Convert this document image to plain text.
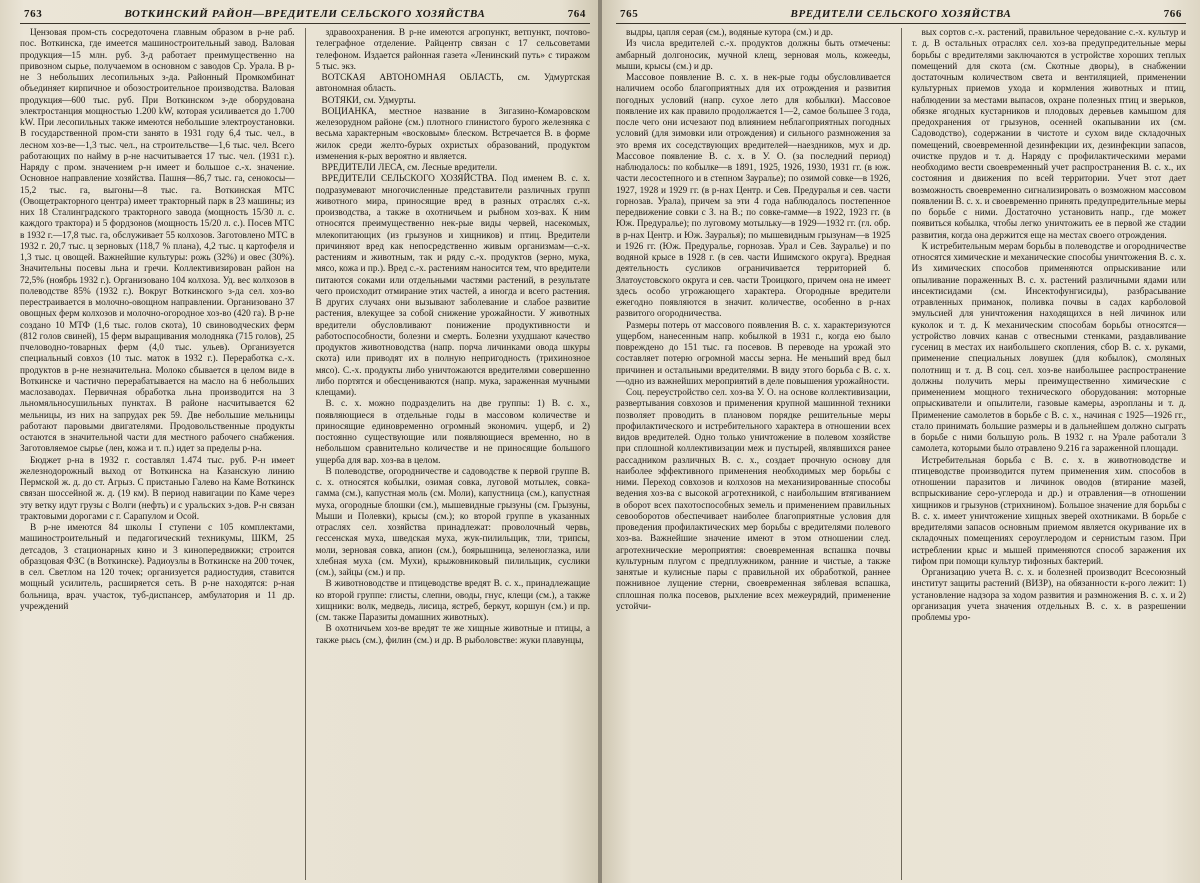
763	ВОТКИНСКИЙ РАЙОН—ВРЕДИТЕЛИ СЕЛЬСКОГО ХОЗЯЙСТВА	764

Цензовая пром-сть сосредоточена главным образом в р-не раб. пос. Воткинска, где имеется машиностроительный завод. Валовая продукция—15 млн. руб. З-д работает преимущественно на привозном сырье, получаемом в основном с заводов Ср. Урала. В р-не 3 небольших лесопильных з-да. Районный Промкомбинат объединяет кирпичное и обозостроительное производства. Валовая продукция—600 тыс. руб. При Воткинском з-де оборудована электростанция мощностью 1.200 kW, которая усиливается до 1.700 kW. При лесопильных также имеются небольшие электроустановки. В государственной пром-сти занято в 1931 году 6,4 тыс. чел., в лесном хоз-ве—1,3 тыс. чел., на строительстве—1,6 тыс. чел. Всего работающих по найму в р-не насчитывается 17 тыс. чел. (1931 г.). Наряду с пром. значением р-н имеет и большое с.-х. значение. Основное направление хозяйства. Пашня—86,7 тыс. га, сенокосы—15,2 тыс. га, выгоны—8 тыс. га. Воткинская МТС (Овощетракторного центра) имеет тракторный парк в 23 машины; из них 18 Сталинградского тракторного завода (мощность 15/30 л. с. каждого трактора) и 5 фордзонов (мощность 15/20 л. с.). Посев МТС в 1932 г.—17,8 тыс. га, обслуживает 55 колхозов. Заготовлено МТС в 1932 г. 20,7 тыс. ц зерновых (118,7 % плана), 4,2 тыс. ц картофеля и 1,3 тыс. ц овощей. Важнейшие культуры: рожь (32%) и овес (30%). Значительны посевы льна и гречи. Коллективизирован район на 72,5% (ноябрь 1932 г.). Организовано 104 колхоза. Уд. вес колхозов в полеводстве 85% (1932 г.). Вокруг Воткинского з-да сел. хоз-во перестраивается в молочно-овощном направлении. Организовано 37 овощных ферм колхозов и молочно-огородное хоз-во (420 га). В р-не создано 10 МТФ (1,6 тыс. голов скота), 10 свиноводческих ферм (812 голов свиней), 15 ферм выращивания молодняка (715 голов), 25 пчеловодно-товарных ферм (4,0 тыс. ульев). Организуется специальный совхоз (10 тыс. маток в 1932 г.). Переработка с.-х. продуктов в р-не незначительна. Молоко сбывается в целом виде в Воткинске и частично перерабатывается на масло на 6 небольших маслозаводах. Первичная обработка льна производится на 3 льномяльносушильных пунктах. В районе насчитывается 62 мельницы, из них на запрудах рек 59. Две небольшие мельницы работают паровыми двигателями. Продовольственные продукты остаются в значительной части для местного рабочего снабжения. Заготовляемое сырье (лен, кожа и т. п.) идет за пределы р-на.

Бюджет р-на в 1932 г. составлял 1.474 тыс. руб. Р-н имеет железнодорожный выход от Воткинска на Казанскую линию Пермской ж. д. до ст. Агрыз. С пристанью Галево на Каме Воткинск связан шоссейной ж. д. (19 км). В период навигации по Каме через эту ветку идут грузы с Волги (нефть) и с уральских з-дов. Р-н связан трактовыми дорогами с г. Сарапулом и Осой.

В р-не имеются 84 школы I ступени с 105 комплектами, машиностроительный и педагогический техникумы, ШКМ, 25 детсадов, 3 стационарных кино и 3 кинопередвижки; строится образцовая ФЗС (в Воткинске). Радиоузлы в Воткинске на 200 точек, в сел. Светлом на 120 точек; организуется радиостудия, ставится мощный усилитель, расширяется сеть. В р-не находятся: р-ная больница, врач. участок, туб-диспансер, амбулатория и 11 др. учреждений

здравоохранения. В р-не имеются агропункт, ветпункт, почтово-телеграфное отделение. Райцентр связан с 17 сельсоветами телефоном. Издается районная газета «Ленинский путь» с тиражом 5 тыс. экз.

ВОТСКАЯ АВТОНОМНАЯ ОБЛАСТЬ, см. Удмуртская автономная область.

ВОТЯКИ, см. Удмурты.

ВОЦИАНКА, местное название в Зигазино-Комаровском железорудном районе (см.) плотного глинистого бурого железняка с весьма характерным «восковым» блеском. Встречается В. в форме жилок среди желто-бурых охристых образований, продуктом изменения к-рых вероятно и является.

ВРЕДИТЕЛИ ЛЕСА, см. Лесные вредители.

ВРЕДИТЕЛИ СЕЛЬСКОГО ХОЗЯЙСТВА. Под именем В. с. х. подразумевают многочисленные представители различных групп животного мира, приносящие вред в разных отраслях с.-х. производства, а также в охотничьем и рыбном хоз-вах. К ним относятся преимущественно нек-рые виды червей, насекомых, млекопитающих (из грызунов и хищников) и птиц. Вредители причиняют вред как непосредственно живым организмам—с.-х. растениям и животным, так и ряду с.-х. продуктов (зерно, мука, мясо, кожа и пр.). Вред с.-х. растениям наносится тем, что вредители питаются соками или отдельными частями растений, в результате чего происходит отмирание этих частей, а иногда и всего растения. В других случаях они вызывают заболевание и слабое развитие растения, влекущее за собой снижение урожайности. У животных вредители обусловливают понижение продуктивности и работоспособности, болезни и смерть. Болезни ухудшают качество продуктов животноводства (напр. порча личинками овода шкуры скота) или приводят их в полную непригодность (трихинозное мясо). С.-х. продукты либо уничтожаются вредителями совершенно либо портятся и обесцениваются (напр. мука, зараженная мучными клещами).

В. с. х. можно подразделить на две группы: 1) В. с. х., появляющиеся в отдельные годы в массовом количестве и приносящие единовременно огромный экономич. ущерб, и 2) постоянно существующие или появляющиеся временно, но в небольшом сравнительно количестве и не приносящие большого ущерба для вар. хоз-ва в целом.

В полеводстве, огородничестве и садоводстве к первой группе В. с. х. относятся кобылки, озимая совка, луговой мотылек, совка-гамма (см.), капустная моль (см. Моли), капустница (см.), капустная муха, огородные блошки (см.), мышевидные грызуны (см. Грызуны, Мыши и Полевки), крысы (см.); ко второй группе в указанных отраслях сел. хозяйства принадлежат: проволочный червь, гессенская муха, шведская муха, жук-пилильщик, тли, трипсы, моли, зерновая совка, апион (см.), боярышница, зеленоглазка, или хлебная муха (см. Мухи), крыжовниковый пилильщик, суслики (см.), зайцы (см.) и пр.

В животноводстве и птицеводстве вредят В. с. х., принадлежащие ко второй группе: глисты, слепни, оводы, гнус, клещи (см.), а также хищники: волк, медведь, лисица, ястреб, беркут, коршун (см.) и пр. (см. также Паразиты домашних животных).

В охотничьем хоз-ве вредят те же хищные животные и птицы, а также рысь (см.), филин (см.) и др. В рыболовстве: жуки плавунцы,

765	ВРЕДИТЕЛИ СЕЛЬСКОГО ХОЗЯЙСТВА	766

выдры, цапля серая (см.), водяные кутора (см.) и др.

Из числа вредителей с.-х. продуктов должны быть отмечены: амбарный долгоносик, мучной клещ, зерновая моль, кожееды, мыши, крысы (см.) и др.

Массовое появление В. с. х. в нек-рые годы обусловливается наличием особо благоприятных для их отрождения и развития погодных условий (напр. сухое лето для кобылки). Массовое появление их как правило продолжается 1—2, самое большее 3 года, после чего они исчезают под влиянием неблагоприятных погодных условий (для зимовки или отрождения) и сильного размножения за это время их соседствующих вредителей—наездников, мух и др. Массовое появление В. с. х. в У. О. (за последний период) наблюдалось: по кобылке—в 1891, 1925, 1926, 1930, 1931 гг. (в юж. части лесостепного и в степном Зауралье); по озимой совке—в 1926, 1927, 1928 и 1929 гг. (в р-нах Центр. и Сев. Предуралья и сев. части горнозав. Урала), причем за эти 4 года наблюдалось постепенное передвижение совки с З. на В.; по совке-гамме—в 1922, 1923 гг. (в Юж. Предуралье); по луговому мотыльку—в 1929—1932 гг. (гл. обр. в р-нах Центр. и Юж. Зауралья); по мышевидным грызунам—в 1925 и 1926 гг. (Юж. Предуралье, горнозав. Урал и Сев. Зауралье) и по водяной крысе в 1928 г. (в сев. части Ишимского округа). Вредная деятельность сусликов ограничивается территорией б. Златоустовского округа и сев. части Троицкого, причем она не имеет здесь особо угрожающего характера. Огородные вредители ежегодно появляются в значит. количестве, особенно в р-нах развитого огородничества.

Размеры потерь от массового появления В. с. х. характеризуются ущербом, нанесенным напр. кобылкой в 1931 г., когда ею было повреждено до 151 тыс. га посевов. В переводе на урожай это составляет потерю огромной массы зерна. Не меньший вред был причинен и остальными вредителями. В виду этого борьба с В. с. х.—одно из важнейших мероприятий в деле повышения урожайности.

Соц. переустройство сел. хоз-ва У. О. на основе коллективизации, развертывания совхозов и применения крупной машинной техники позволяет проводить в плановом порядке решительные меры профилактического и истребительного характера в отношении всех видов вредителей. Одно только уничтожение в полевом хозяйстве при сплошной коллективизации меж и пустырей, являвшихся ранее рассадником различных В. с. х., создает прочную основу для наиболее эффективного применения необходимых мер борьбы с ними. Переход совхозов и колхозов на механизированные способы ведения хоз-ва с высокой агротехникой, с наибольшим втягиванием в оборот всех пахотоспособных земель и применением правильных севооборотов обеспечивает наиболее благоприятные условия для проведения профилактических мер борьбы с вредителями полевого хоз-ва. Важнейшие значение имеют в этом отношении след. агротехнические мероприятия: своевременная вспашка почвы культурным плугом с предплужником, ранние и чистые, а также занятые и кулисные пары с правильной их обработкой, раннее пожнивное лущение стерни, своевременная зяблевая вспашка, сплошная полка посевов, рыхление всех межеурядий, применение устойчи-

вых сортов с.-х. растений, правильное чередование с.-х. культур и т. д. В остальных отраслях сел. хоз-ва предупредительные меры борьбы с вредителями заключаются в устройстве хороших теплых помещений для скота (см. Скотные дворы), в снабжении достаточным количеством света и вентиляцией, применении культурных приемов ухода и кормления животных и птиц, наблюдении за местами выпасов, охране полезных птиц и зверьков, обязке ягодных кустарников и плодовых деревьев камышом для предохранения от грызунов, осенней окапывании их (см. Садоводство), содержании в чистоте и сухом виде складочных помещений, своевременной дезинфекции их, дезинфекции запасов, очистке прудов и т. д. Наряду с профилактическими мерами необходимо вести своевременный учет распространения В. с. х., их состояния и движения по всей территории. Учет этот дает возможность своевременно сигнализировать о возможном массовом появлении В. с. х. и своевременно принять предупредительные меры по борьбе с ними. Достаточно установить напр., где может появиться кобылка, чтобы легко уничтожить ее в первой же стадии развития, когда она держится еще на местах своего отрождения.

К истребительным мерам борьбы в полеводстве и огородничестве относятся химические и механические способы уничтожения В. с. х. Из химических способов применяются опрыскивание или опыливание пораженных В. с. х. растений различными ядами или инсектисидами (см. Инсектофунгисиды), разбрасывание отравленных приманок, поливка почвы в садах карболовой эмульсией для уничтожения находящихся в ней личинок или куколок и т. д. К механическим способам борьбы относятся—устройство ловчих канав с отвесными стенками, раздавливание гусениц в местах их наибольшего скопления, сбор В. с. х. руками, применение специальных ловушек (для кобылок), смоляных полотнищ и т. д. В соц. сел. хоз-ве наибольшее распространение должны получить меры преимущественно химические с применением мощного технического оборудования: моторные опрыскиватели и опылители, газовые камеры, аэропланы и т. д. Применение самолетов в борьбе с В. с. х., начиная с 1925—1926 гг., стало принимать большие размеры и в дальнейшем должно сыграть в борьбе с ними большую роль. В 1932 г. на Урале работали 3 самолета, которыми было отравлено 9.216 га зараженной площади.

Истребительная борьба с В. с. х. в животноводстве и птицеводстве производится путем применения хим. способов в отношении паразитов и личинок оводов (втирание мазей, вспрыскивание серо-углерода и др.) и отравления—в отношении хищников и грызунов (стрихнином). Большое значение для борьбы с В. с. х. имеет уничтожение хищных зверей охотниками. В борьбе с вредителями запасов основным приемом является окуривание их в складочных помещениях сероуглеродом и сернистым газом. При истреблении крыс и мышей применяются способ заражения их тифом при помощи культур тифозных бактерий.

Организацию учета В. с. х. и болезней производит Всесоюзный институт защиты растений (ВИЗР), на обязанности к-рого лежит: 1) установление надзора за ходом развития и размножения В. с. х. и 2) организация учета значения отдельных В. с. х. в разрешении проблемы уро-
